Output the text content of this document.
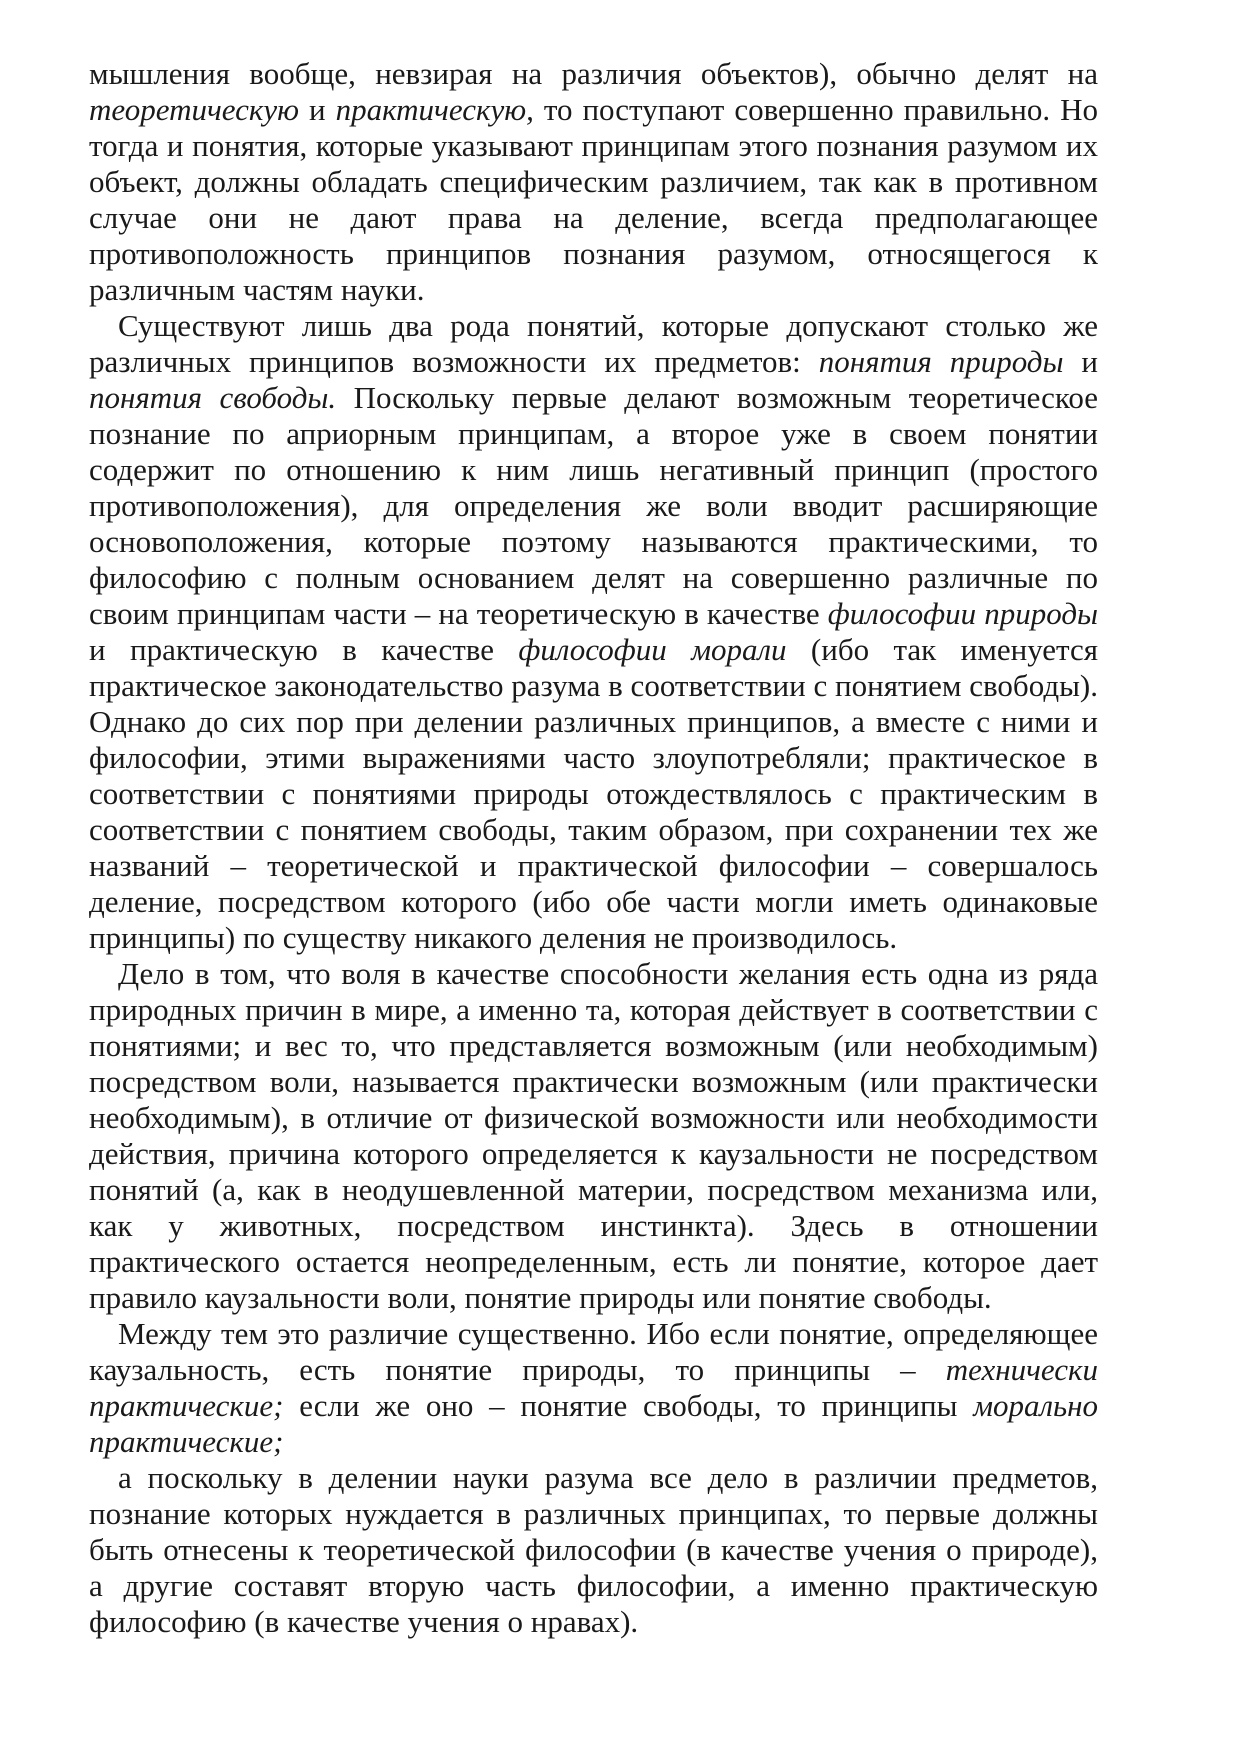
мышления вообще, невзирая на различия объектов), обычно делят на теоретическую и практическую, то поступают совершенно правильно. Но тогда и понятия, которые указывают принципам этого познания разумом их объект, должны обладать специфическим различием, так как в противном случае они не дают права на деление, всегда предполагающее противоположность принципов познания разумом, относящегося к различным частям науки.

Существуют лишь два рода понятий, которые допускают столько же различных принципов возможности их предметов: понятия природы и понятия свободы. Поскольку первые делают возможным теоретическое познание по априорным принципам, а второе уже в своем понятии содержит по отношению к ним лишь негативный принцип (простого противоположения), для определения же воли вводит расширяющие основоположения, которые поэтому называются практическими, то философию с полным основанием делят на совершенно различные по своим принципам части – на теоретическую в качестве философии природы и практическую в качестве философии морали (ибо так именуется практическое законодательство разума в соответствии с понятием свободы). Однако до сих пор при делении различных принципов, а вместе с ними и философии, этими выражениями часто злоупотребляли; практическое в соответствии с понятиями природы отождествлялось с практическим в соответствии с понятием свободы, таким образом, при сохранении тех же названий – теоретической и практической философии – совершалось деление, посредством которого (ибо обе части могли иметь одинаковые принципы) по существу никакого деления не производилось.

Дело в том, что воля в качестве способности желания есть одна из ряда природных причин в мире, а именно та, которая действует в соответствии с понятиями; и вес то, что представляется возможным (или необходимым) посредством воли, называется практически возможным (или практически необходимым), в отличие от физической возможности или необходимости действия, причина которого определяется к каузальности не посредством понятий (а, как в неодушевленной материи, посредством механизма или, как у животных, посредством инстинкта). Здесь в отношении практического остается неопределенным, есть ли понятие, которое дает правило каузальности воли, понятие природы или понятие свободы.

Между тем это различие существенно. Ибо если понятие, определяющее каузальность, есть понятие природы, то принципы – технически практические; если же оно – понятие свободы, то принципы морально практические;

а поскольку в делении науки разума все дело в различии предметов, познание которых нуждается в различных принципах, то первые должны быть отнесены к теоретической философии (в качестве учения о природе), а другие составят вторую часть философии, а именно практическую философию (в качестве учения о нравах).
